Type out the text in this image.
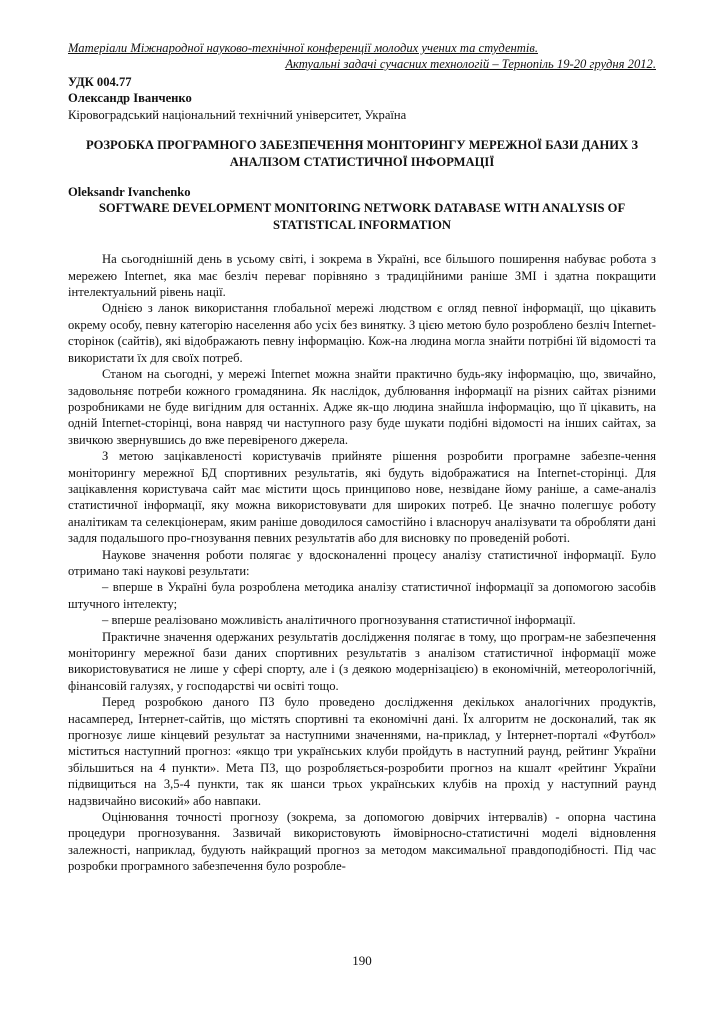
Матеріали Міжнародної науково-технічної конференції молодих учених та студентів.
Актуальні задачі сучасних технологій – Тернопіль 19-20 грудня 2012.
УДК 004.77
Олександр Іванченко
Кіровоградський національний технічний університет, Україна
РОЗРОБКА ПРОГРАМНОГО ЗАБЕЗПЕЧЕННЯ МОНІТОРИНГУ МЕРЕЖНОЇ БАЗИ ДАНИХ З АНАЛІЗОМ СТАТИСТИЧНОЇ ІНФОРМАЦІЇ
Oleksandr Ivanchenko
SOFTWARE DEVELOPMENT MONITORING NETWORK DATABASE WITH ANALYSIS OF STATISTICAL INFORMATION

На сьогоднішній день в усьому світі, і зокрема в Україні, все більшого поширення набуває робота з мережею Internet, яка має безліч переваг порівняно з традиційними раніше ЗМІ і здатна покращити інтелектуальний рівень нації.

Однією з ланок використання глобальної мережі людством є огляд певної інформації, що цікавить окрему особу, певну категорію населення або усіх без виняткy. З цією метою було розроблено безліч Internet-сторінок (сайтів), які відображають певну інформацію. Кож-на людина могла знайти потрібні їй відомості та використати їх для своїх потреб.

Станом на сьогодні, у мережі Internet можна знайти практично будь-яку інформацію, що, звичайно, задовольняє потреби кожного громадянина. Як наслідок, дублювання інформації на різних сайтах різними розробниками не буде вигідним для останніх. Адже як-що людина знайшла інформацію, що її цікавить, на одній Internet-сторінці, вона навряд чи наступного разу буде шукати подібні відомості на інших сайтах, за звичкою звернувшись до вже перевіреного джерела.

З метою зацікавленості користувачів прийняте рішення розробити програмне забезпе-чення моніторингу мережної БД спортивних результатів, які будуть відображатися на Internet-сторінці. Для зацікавлення користувача сайт має містити щось принципово нове, незвідане йому раніше, а саме-аналіз статистичної інформації, яку можна використовувати для широких потреб. Це значно полегшує роботу аналітикам та селекціонерам, яким раніше доводилося самостійно і власноруч аналізувати та обробляти дані задля подальшого про-гнозування певних результатів або для висновку по проведеній роботі.

Наукове значення роботи полягає у вдосконаленні процесу аналізу статистичної інформації. Було отримано такі наукові результати:

– вперше в Україні була розроблена методика аналізу статистичної інформації за допомогою засобів штучного інтелекту;

– вперше реалізовано можливість аналітичного прогнозування статистичної інформації.

Практичне значення одержаних результатів дослідження полягає в тому, що програм-не забезпечення моніторингу мережної бази даних спортивних результатів з аналізом статистичної інформації може використовуватися не лише у сфері спорту, але і (з деякою модернізацією) в економічній, метеорологічній, фінансовій галузях, у господарстві чи освіті тощо.

Перед розробкою даного ПЗ було проведено дослідження декількох аналогічних продуктів, насамперед, Інтернет-сайтів, що містять спортивні та економічні дані. Їх алгоритм не досконалий, так як прогнозує лише кінцевий результат за наступними значеннями, на-приклад, у Інтернет-порталі «Футбол» міститься наступний прогноз: «якщо три українських клуби пройдуть в наступний раунд, рейтинг України збільшиться на 4 пункти». Мета ПЗ, що розробляється-розробити прогноз на кшалт «рейтинг України підвищиться на 3,5-4 пункти, так як шанси трьох українських клубів на прохід у наступний раунд надзвичайно високий» або навпаки.

Оцінювання точності прогнозу (зокрема, за допомогою довірчих інтервалів) - опорна частина процедури прогнозування. Зазвичай використовують ймовірносно-статистичні моделі відновлення залежності, наприклад, будують найкращий прогноз за методом максимальної правдоподібності. Під час розробки програмного забезпечення було розробле-

190
